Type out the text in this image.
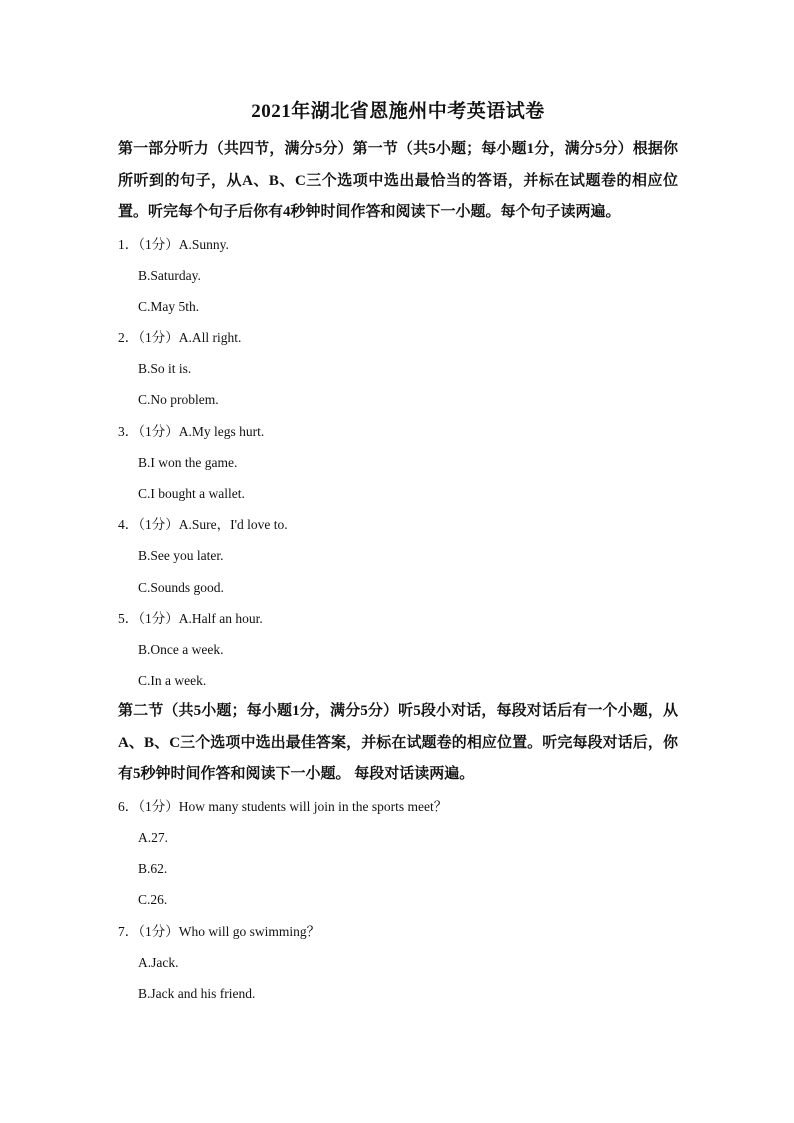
2021年湖北省恩施州中考英语试卷

第一部分听力（共四节，满分5分）第一节（共5小题；每小题1分，满分5分）根据你所听到的句子，从A、B、C三个选项中选出最恰当的答语，并标在试题卷的相应位置。听完每个句子后你有4秒钟时间作答和阅读下一小题。每个句子读两遍。

1．（1分）A.Sunny.
B.Saturday.
C.May 5th.
2．（1分）A.All right.
B.So it is.
C.No problem.
3．（1分）A.My legs hurt.
B.I won the game.
C.I bought a wallet.
4．（1分）A.Sure，I'd love to.
B.See you later.
C.Sounds good.
5．（1分）A.Half an hour.
B.Once a week.
C.In a week.

第二节（共5小题；每小题1分，满分5分）听5段小对话，每段对话后有一个小题，从A、B、C三个选项中选出最佳答案，并标在试题卷的相应位置。听完每段对话后，你有5秒钟时间作答和阅读下一小题。 每段对话读两遍。

6．（1分）How many students will join in the sports meet？
A.27.
B.62.
C.26.
7．（1分）Who will go swimming？
A.Jack.
B.Jack and his friend.
